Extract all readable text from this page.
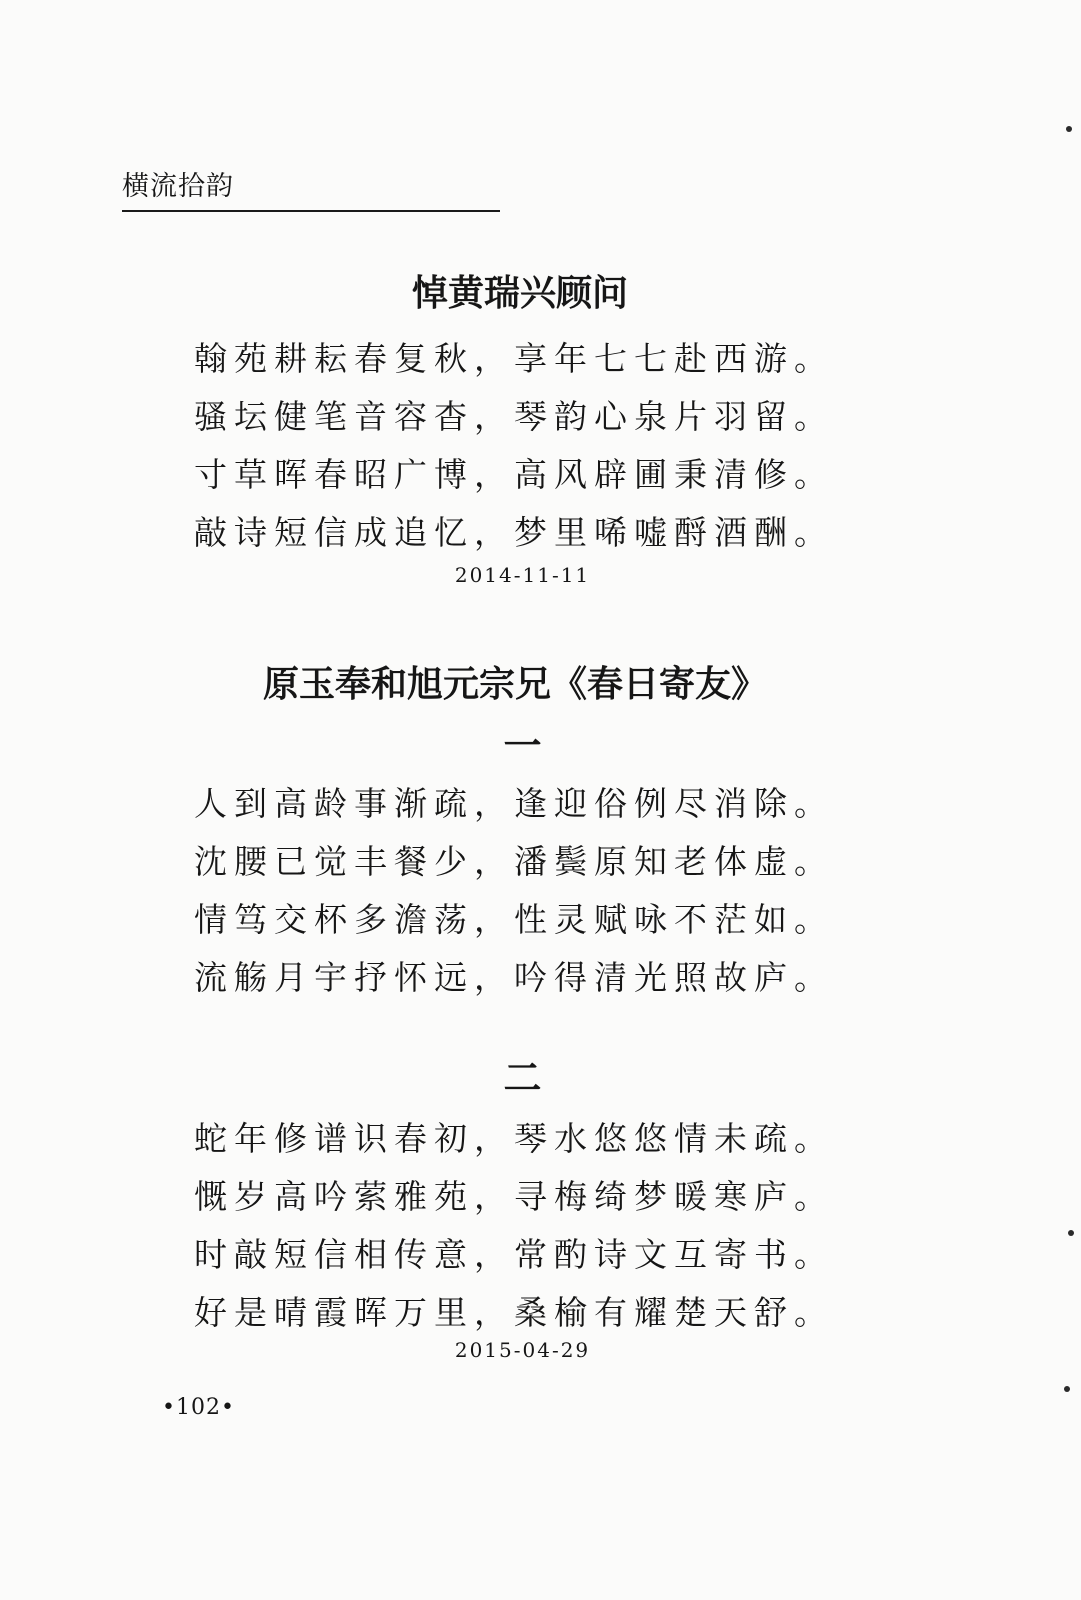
横流拾韵
悼黄瑞兴顾问
翰苑耕耘春复秋，享年七七赴西游。
骚坛健笔音容杳，琴韵心泉片羽留。
寸草晖春昭广博，高风辟圃秉清修。
敲诗短信成追忆，梦里唏嘘酹酒酬。
2014-11-11
原玉奉和旭元宗兄《春日寄友》
一
人到高龄事渐疏，逢迎俗例尽消除。
沈腰已觉丰餐少，潘鬓原知老体虚。
情笃交杯多澹荡，性灵赋咏不茫如。
流觞月宇抒怀远，吟得清光照故庐。
二
蛇年修谱识春初，琴水悠悠情未疏。
慨岁高吟萦雅苑，寻梅绮梦暖寒庐。
时敲短信相传意，常酌诗文互寄书。
好是晴霞晖万里，桑榆有耀楚天舒。
2015-04-29
•102•
